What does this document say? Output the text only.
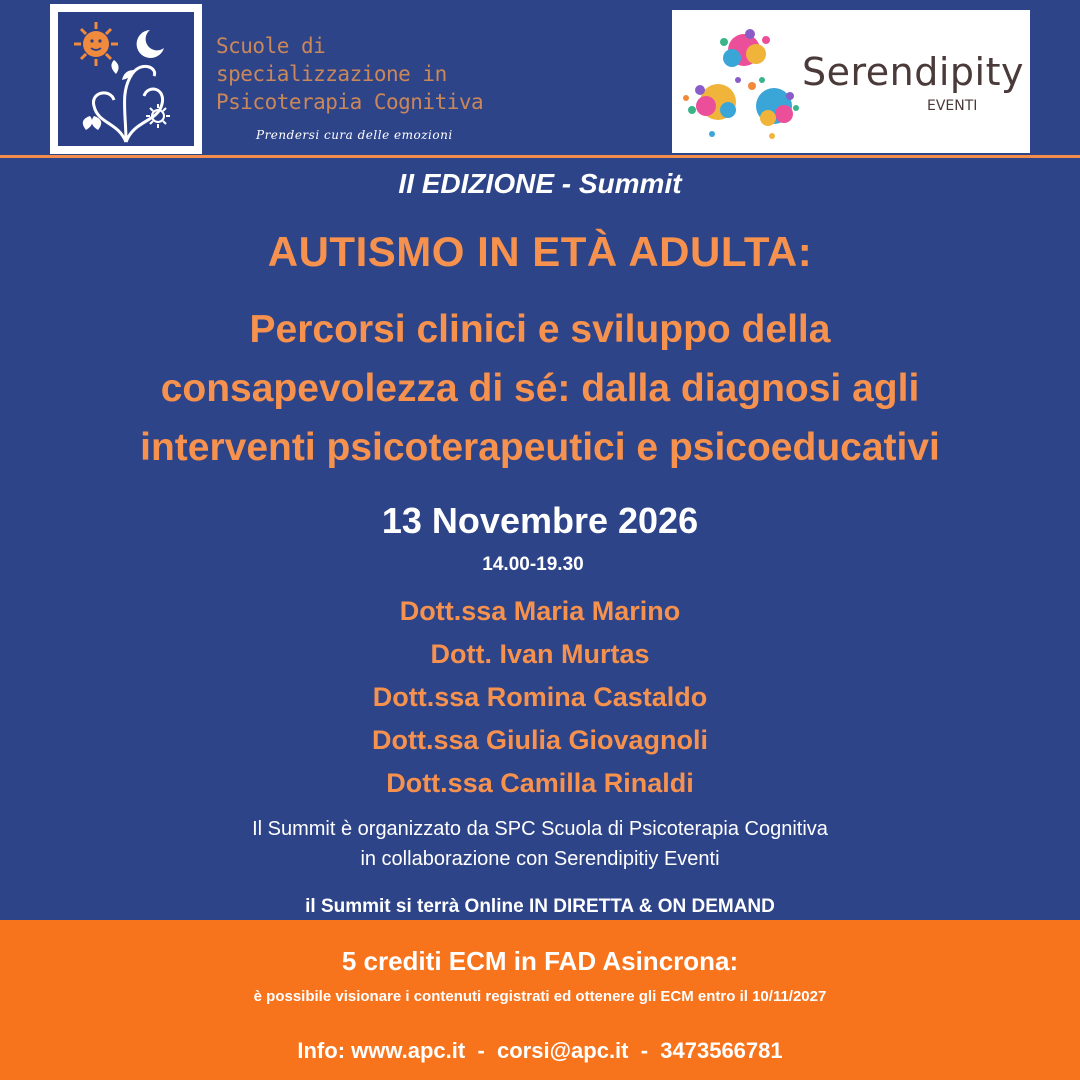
Scuole di
specializzazione in
Psicoterapia Cognitiva
Prendersi cura delle emozioni
Serendipity
EVENTI
II EDIZIONE - Summit
AUTISMO IN ETÀ ADULTA:
Percorsi clinici e sviluppo della
consapevolezza di sé: dalla diagnosi agli
interventi psicoterapeutici e psicoeducativi
13 Novembre 2026
14.00-19.30
Dott.ssa Maria Marino
Dott. Ivan Murtas
Dott.ssa Romina Castaldo
Dott.ssa Giulia Giovagnoli
Dott.ssa Camilla Rinaldi
Il Summit è organizzato da SPC Scuola di Psicoterapia Cognitiva
in collaborazione con Serendipitiy Eventi
il Summit si terrà Online IN DIRETTA & ON DEMAND
5 crediti ECM in FAD Asincrona:
è possibile visionare i contenuti registrati ed ottenere gli ECM entro il 10/11/2027
Info: www.apc.it  -  corsi@apc.it  -  3473566781
